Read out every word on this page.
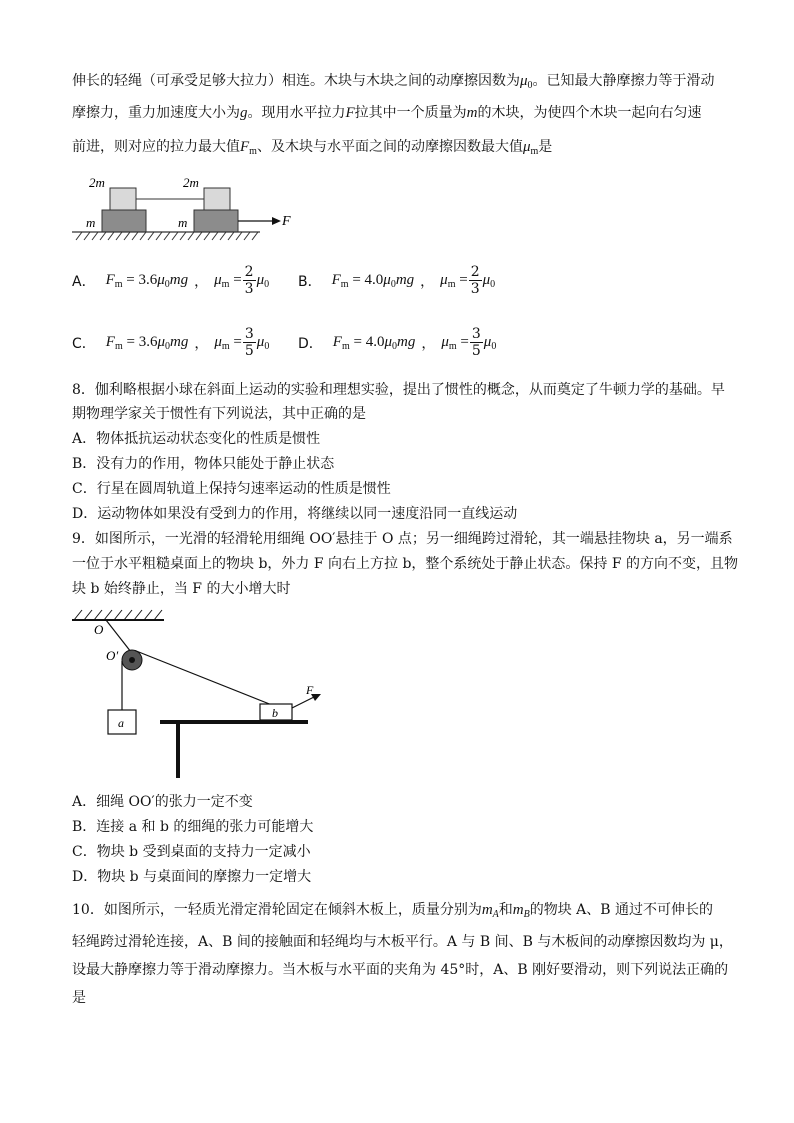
伸长的轻绳（可承受足够大拉力）相连。木块与木块之间的动摩擦因数为$\mu_0$。已知最大静摩擦力等于滑动
摩擦力，重力加速度大小为g。现用水平拉力F拉其中一个质量为m的木块，为使四个木块一起向右匀速
前进，则对应的拉力最大值$F_m$、及木块与水平面之间的动摩擦因数最大值$\mu_m$是
2m	2m
m	m	F
A． $F_m = 3.6\mu_0mg$ ， $\mu_m = \frac{2}{3} \mu_0$ B． $F_m = 4.0\mu_0mg$ ， $\mu_m = \frac{2}{3} \mu_0$
C． $F_m = 3.6\mu_0mg$ ， $\mu_m = \frac{3}{5} \mu_0$ D． $F_m = 4.0\mu_0mg$ ， $\mu_m = \frac{3}{5} \mu_0$
8．伽利略根据小球在斜面上运动的实验和理想实验，提出了惯性的概念，从而奠定了牛顿力学的基础。早
期物理学家关于惯性有下列说法，其中正确的是
A．物体抵抗运动状态变化的性质是惯性
B．没有力的作用，物体只能处于静止状态
C．行星在圆周轨道上保持匀速率运动的性质是惯性
D．运动物体如果没有受到力的作用，将继续以同一速度沿同一直线运动
9．如图所示，一光滑的轻滑轮用细绳 OO′悬挂于 O 点；另一细绳跨过滑轮，其一端悬挂物块 a，另一端系
一位于水平粗糙桌面上的物块 b，外力 F 向右上方拉 b，整个系统处于静止状态。保持 F 的方向不变，且物
块 b 始终静止，当 F 的大小增大时
O
O′
a
b
F
A．细绳 OO′的张力一定不变
B．连接 a 和 b 的细绳的张力可能增大
C．物块 b 受到桌面的支持力一定减小
D．物块 b 与桌面间的摩擦力一定增大
10．如图所示，一轻质光滑定滑轮固定在倾斜木板上，质量分别为$m_A$和$m_B$的物块 A、B 通过不可伸长的
轻绳跨过滑轮连接，A、B 间的接触面和轻绳均与木板平行。A 与 B 间、B 与木板间的动摩擦因数均为 μ，
设最大静摩擦力等于滑动摩擦力。当木板与水平面的夹角为 45°时，A、B 刚好要滑动，则下列说法正确的
是
